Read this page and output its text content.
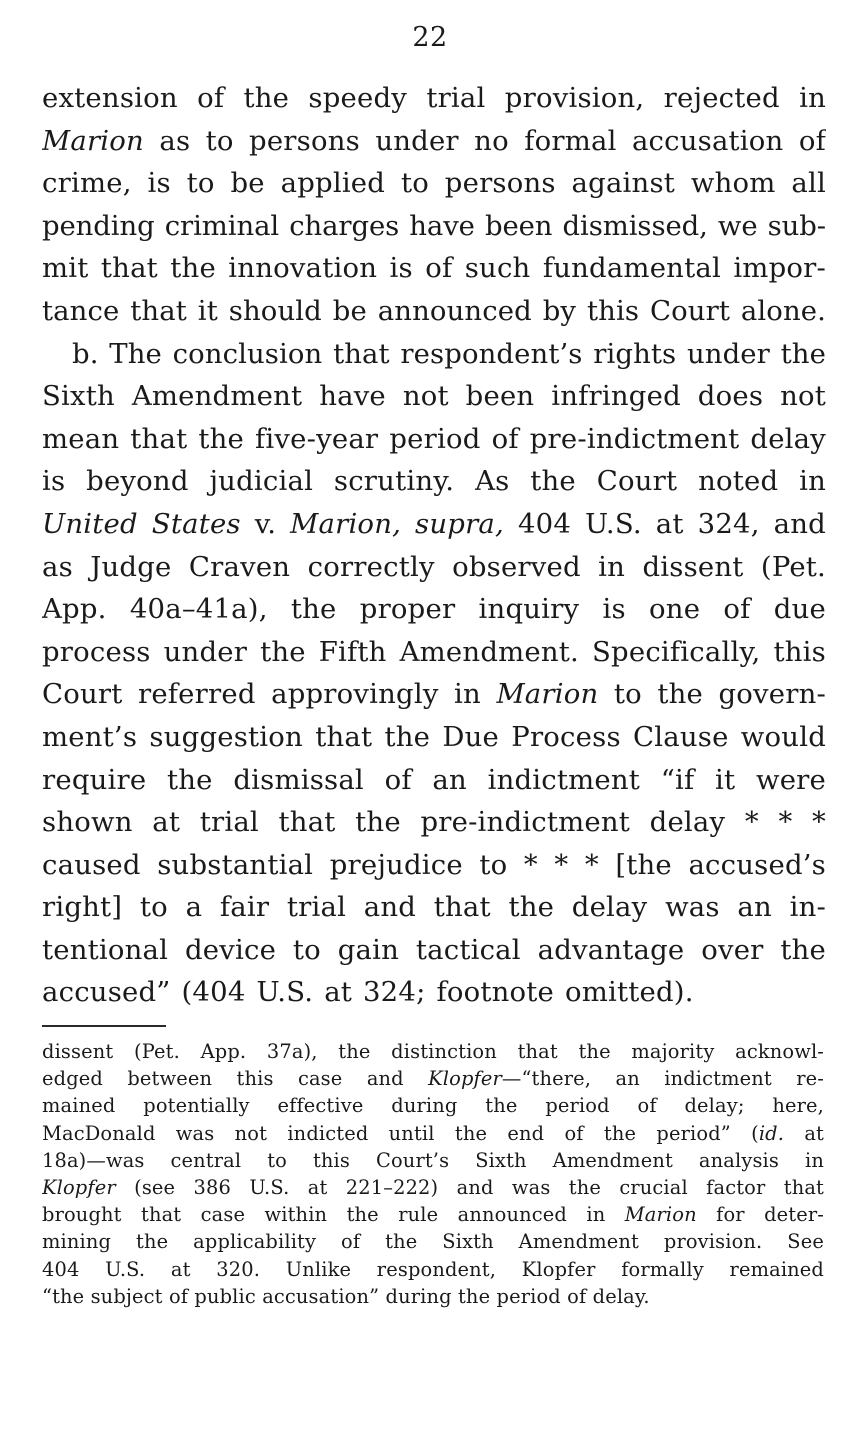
22
extension of the speedy trial provision, rejected in
Marion as to persons under no formal accusation of
crime, is to be applied to persons against whom all
pending criminal charges have been dismissed, we sub-
mit that the innovation is of such fundamental impor-
tance that it should be announced by this Court alone.
b. The conclusion that respondent’s rights under the
Sixth Amendment have not been infringed does not
mean that the five-year period of pre-indictment delay
is beyond judicial scrutiny. As the Court noted in
United States v. Marion, supra, 404 U.S. at 324, and
as Judge Craven correctly observed in dissent (Pet.
App. 40a–41a), the proper inquiry is one of due
process under the Fifth Amendment. Specifically, this
Court referred approvingly in Marion to the govern-
ment’s suggestion that the Due Process Clause would
require the dismissal of an indictment “if it were
shown at trial that the pre-indictment delay * * *
caused substantial prejudice to * * * [the accused’s
right] to a fair trial and that the delay was an in-
tentional device to gain tactical advantage over the
accused” (404 U.S. at 324; footnote omitted).
dissent (Pet. App. 37a), the distinction that the majority acknowl-
edged between this case and Klopfer—“there, an indictment re-
mained potentially effective during the period of delay; here,
MacDonald was not indicted until the end of the period” (id. at
18a)—was central to this Court’s Sixth Amendment analysis in
Klopfer (see 386 U.S. at 221–222) and was the crucial factor that
brought that case within the rule announced in Marion for deter-
mining the applicability of the Sixth Amendment provision. See
404 U.S. at 320. Unlike respondent, Klopfer formally remained
“the subject of public accusation” during the period of delay.
